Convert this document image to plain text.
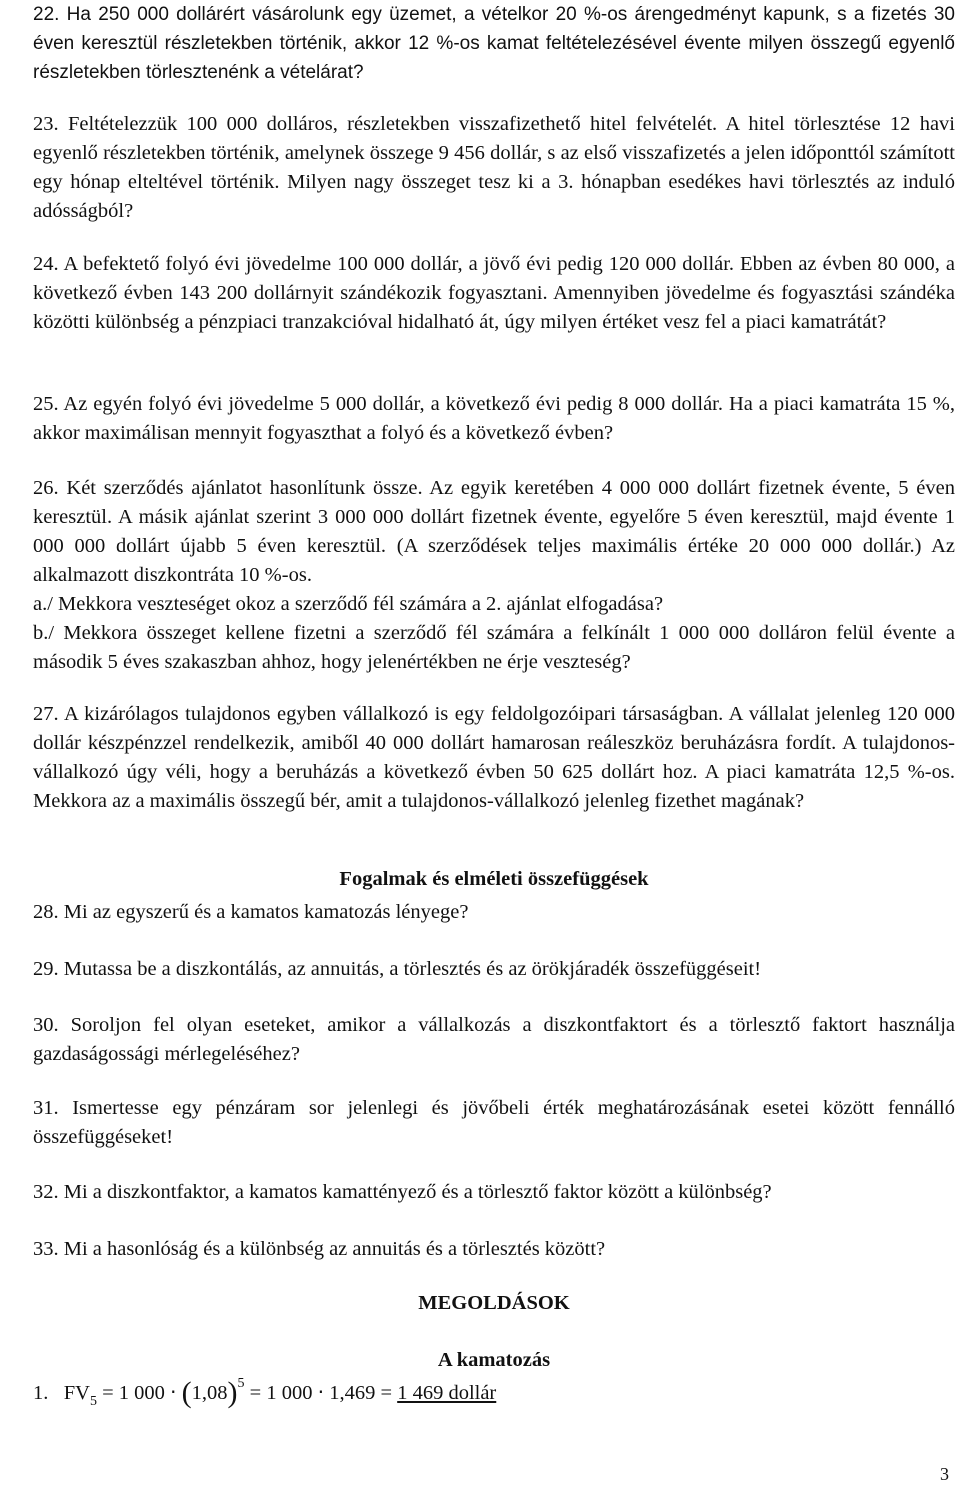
22. Ha 250 000 dollárért vásárolunk egy üzemet, a vételkor 20 %-os árengedményt kapunk, s a fizetés 30 éven keresztül részletekben történik, akkor 12 %-os kamat feltételezésével évente milyen összegű egyenlő részletekben törlesztenénk a vételárat?

23. Feltételezzük 100 000 dolláros, részletekben visszafizethető hitel felvételét. A hitel törlesztése 12 havi egyenlő részletekben történik, amelynek összege 9 456 dollár, s az első visszafizetés a jelen időponttól számított egy hónap elteltével történik. Milyen nagy összeget tesz ki a 3. hónapban esedékes havi törlesztés az induló adósságból?

24. A befektető folyó évi jövedelme 100 000 dollár, a jövő évi pedig 120 000 dollár. Ebben az évben 80 000, a következő évben 143 200 dollárnyit szándékozik fogyasztani. Amennyiben jövedelme és fogyasztási szándéka közötti különbség a pénzpiaci tranzakcióval hidalható át, úgy milyen értéket vesz fel a piaci kamatrátát?

25. Az egyén folyó évi jövedelme 5 000 dollár, a következő évi pedig 8 000 dollár. Ha a piaci kamatráta 15 %, akkor maximálisan mennyit fogyaszthat a folyó és a következő évben?

26. Két szerződés ajánlatot hasonlítunk össze. Az egyik keretében 4 000 000 dollárt fizetnek évente, 5 éven keresztül. A másik ajánlat szerint 3 000 000 dollárt fizetnek évente, egyelőre 5 éven keresztül, majd évente 1 000 000 dollárt újabb 5 éven keresztül. (A szerződések teljes maximális értéke 20 000 000 dollár.) Az alkalmazott diszkontráta 10 %-os.

a./ Mekkora veszteséget okoz a szerződő fél számára a 2. ajánlat elfogadása?

b./ Mekkora összeget kellene fizetni a szerződő fél számára a felkínált 1 000 000 dolláron felül évente a második 5 éves szakaszban ahhoz, hogy jelenértékben ne érje veszteség?

27. A kizárólagos tulajdonos egyben vállalkozó is egy feldolgozóipari társaságban. A vállalat jelenleg 120 000 dollár készpénzzel rendelkezik, amiből 40 000 dollárt hamarosan reáleszköz beruházásra fordít. A tulajdonos-vállalkozó úgy véli, hogy a beruházás a következő évben 50 625 dollárt hoz. A piaci kamatráta 12,5 %-os. Mekkora az a maximális összegű bér, amit a tulajdonos-vállalkozó jelenleg fizethet magának?

Fogalmak és elméleti összefüggések

28. Mi az egyszerű és a kamatos kamatozás lényege?

29. Mutassa be a diszkontálás, az annuitás, a törlesztés és az örökjáradék összefüggéseit!

30. Soroljon fel olyan eseteket, amikor a vállalkozás a diszkontfaktort és a törlesztő faktort használja gazdaságossági mérlegeléséhez?

31. Ismertesse egy pénzáram sor jelenlegi és jövőbeli érték meghatározásának esetei között fennálló összefüggéseket!

32. Mi a diszkontfaktor, a kamatos kamattényező és a törlesztő faktor között a különbség?

33. Mi a hasonlóság és a különbség az annuitás és a törlesztés között?

MEGOLDÁSOK

A kamatozás

1. $FV_5 = 1$ $000 \cdot (1,08)^5 = 1$ 000 ⋅ 1,469 = 1 469 dollár
3
